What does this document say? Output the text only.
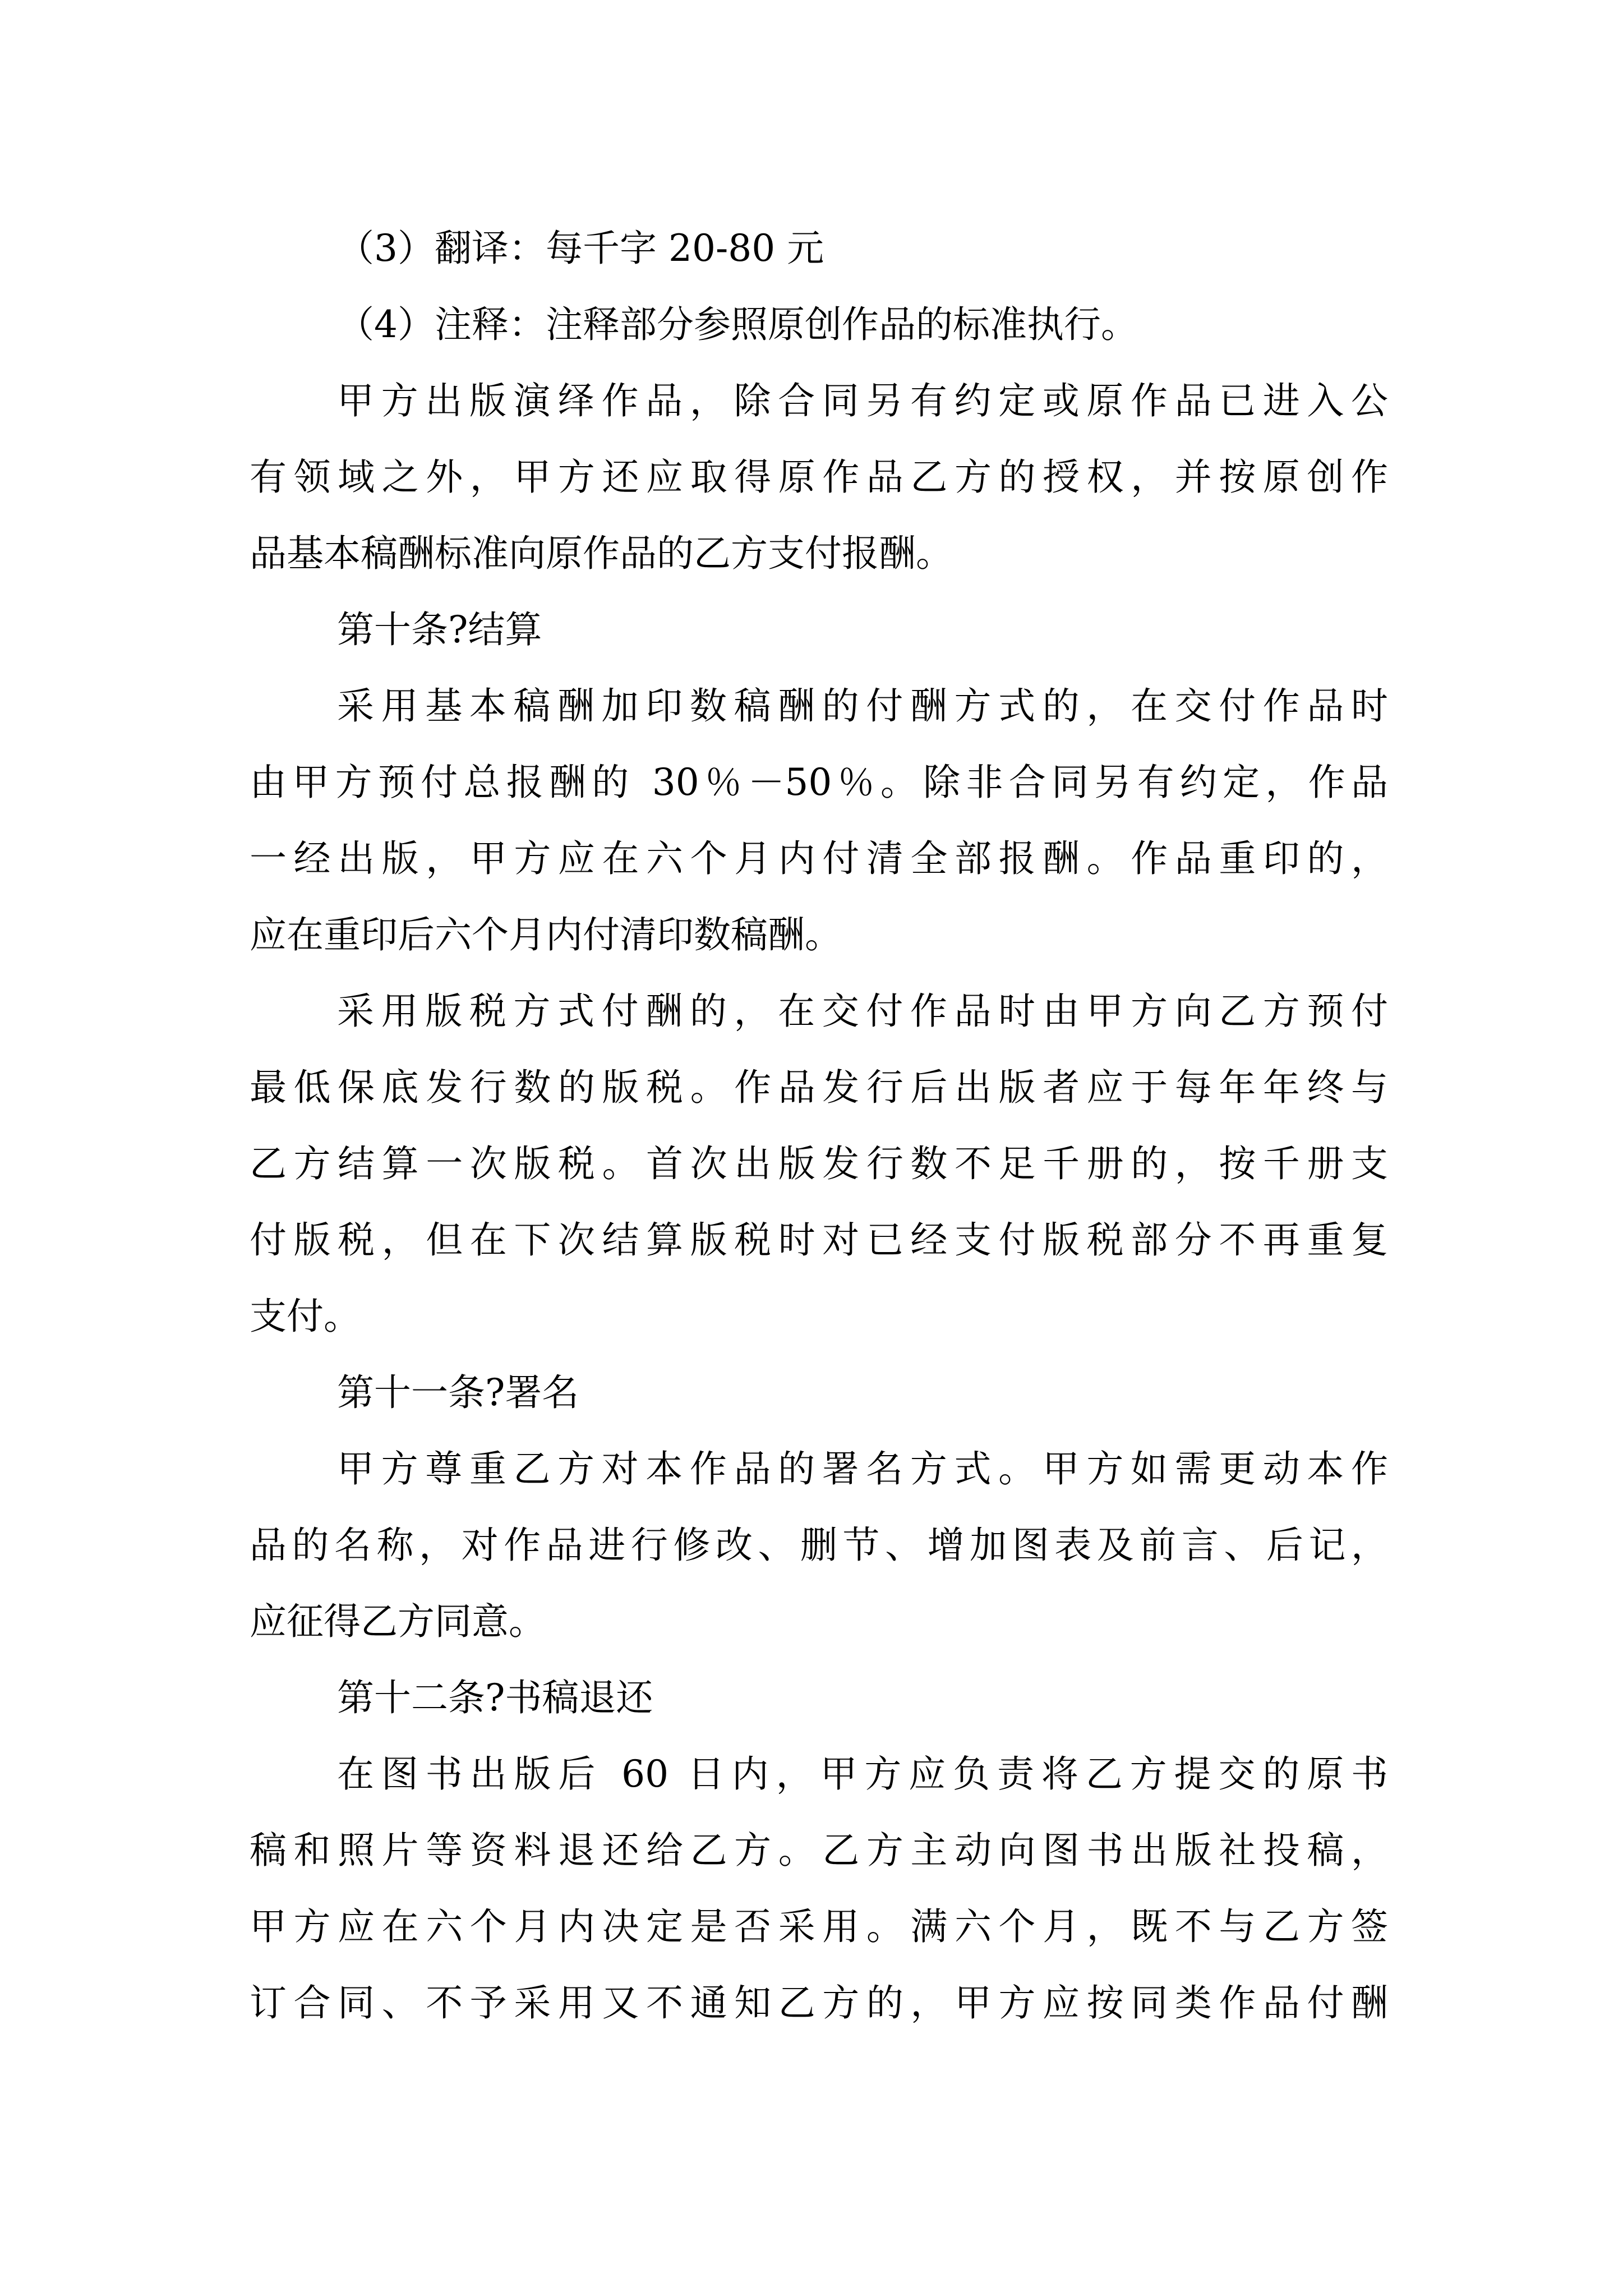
（3）翻译：每千字 20-80 元
（4）注释：注释部分参照原创作品的标准执行。
甲方出版演绎作品，除合同另有约定或原作品已进入公
有领域之外，甲方还应取得原作品乙方的授权，并按原创作
品基本稿酬标准向原作品的乙方支付报酬。
第十条?结算
采用基本稿酬加印数稿酬的付酬方式的，在交付作品时
由甲方预付总报酬的 30％－50％。除非合同另有约定，作品
一经出版，甲方应在六个月内付清全部报酬。作品重印的，
应在重印后六个月内付清印数稿酬。
采用版税方式付酬的，在交付作品时由甲方向乙方预付
最低保底发行数的版税。作品发行后出版者应于每年年终与
乙方结算一次版税。首次出版发行数不足千册的，按千册支
付版税，但在下次结算版税时对已经支付版税部分不再重复
支付。
第十一条?署名
甲方尊重乙方对本作品的署名方式。甲方如需更动本作
品的名称，对作品进行修改、删节、增加图表及前言、后记，
应征得乙方同意。
第十二条?书稿退还
在图书出版后 60 日内，甲方应负责将乙方提交的原书
稿和照片等资料退还给乙方。乙方主动向图书出版社投稿，
甲方应在六个月内决定是否采用。满六个月，既不与乙方签
订合同、不予采用又不通知乙方的，甲方应按同类作品付酬
